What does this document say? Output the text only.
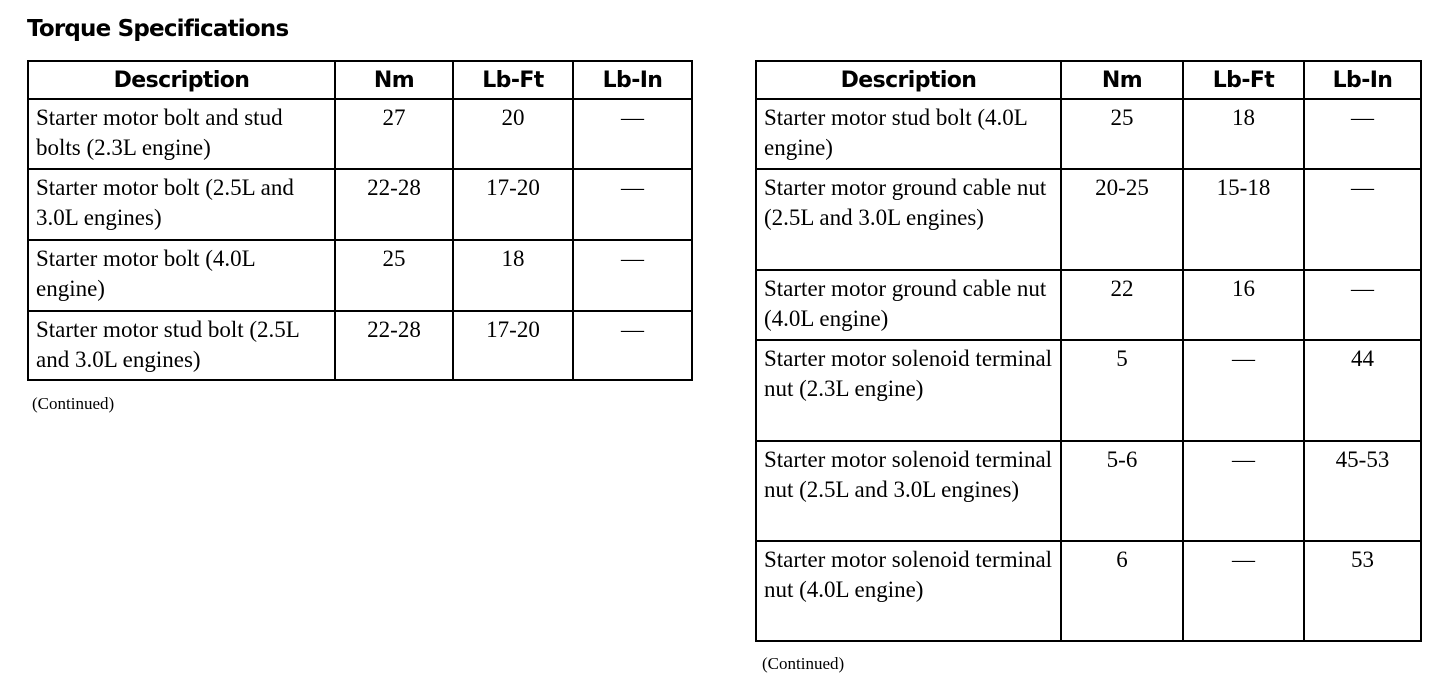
Torque Specifications
Description	Nm	Lb-Ft	Lb-In
Starter motor bolt and stud bolts (2.3L engine)	27	20	—
Starter motor bolt (2.5L and 3.0L engines)	22-28	17-20	—
Starter motor bolt (4.0L engine)	25	18	—
Starter motor stud bolt (2.5L and 3.0L engines)	22-28	17-20	—

(Continued)

Description	Nm	Lb-Ft	Lb-In
Starter motor stud bolt (4.0L engine)	25	18	—
Starter motor ground cable nut (2.5L and 3.0L engines)	20-25	15-18	—
Starter motor ground cable nut (4.0L engine)	22	16	—
Starter motor solenoid terminal nut (2.3L engine)	5	—	44
Starter motor solenoid terminal nut (2.5L and 3.0L engines)	5-6	—	45-53
Starter motor solenoid terminal nut (4.0L engine)	6	—	53

(Continued)
